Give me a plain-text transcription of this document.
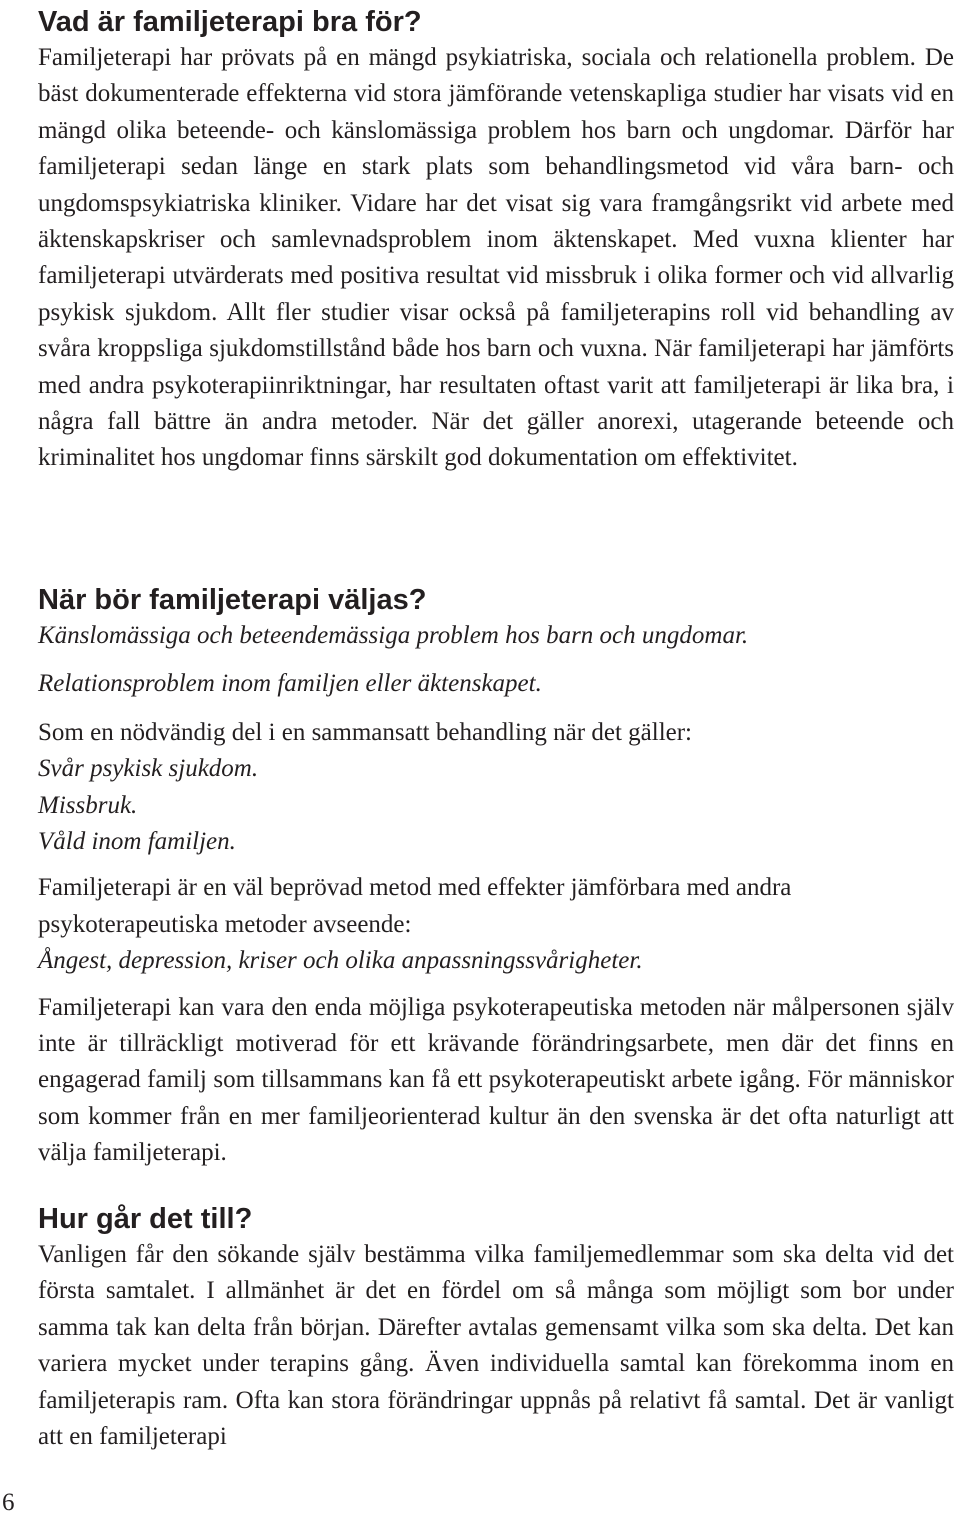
Vad är familjeterapi bra för?

Familjeterapi har prövats på en mängd psykiatriska, sociala och relationella problem. De bäst dokumenterade effekterna vid stora jämförande vetenskapliga studier har visats vid en mängd olika beteende- och känslomässiga problem hos barn och ungdomar. Därför har familjeterapi sedan länge en stark plats som behandlingsmetod vid våra barn- och ungdomspsykiatriska kliniker. Vidare har det visat sig vara framgångsrikt vid arbete med äktenskapskriser och samlevnadsproblem inom äktenskapet. Med vuxna klienter har familjeterapi utvärderats med positiva resultat vid missbruk i olika former och vid allvarlig psykisk sjukdom. Allt fler studier visar också på familjeterapins roll vid behandling av svåra kroppsliga sjukdomstillstånd både hos barn och vuxna. När familjeterapi har jämförts med andra psykoterapiinriktningar, har resultaten oftast varit att familjeterapi är lika bra, i några fall bättre än andra metoder. När det gäller anorexi, utagerande beteende och kriminalitet hos ungdomar finns särskilt god dokumentation om effektivitet.

När bör familjeterapi väljas?

Känslomässiga och beteendemässiga problem hos barn och ungdomar.

Relationsproblem inom familjen eller äktenskapet.

Som en nödvändig del i en sammansatt behandling när det gäller:

Svår psykisk sjukdom.

Missbruk.

Våld inom familjen.

Familjeterapi är en väl beprövad metod med effekter jämförbara med andra psykoterapeutiska metoder avseende:

Ångest, depression, kriser och olika anpassningssvårigheter.

Familjeterapi kan vara den enda möjliga psykoterapeutiska metoden när målpersonen själv inte är tillräckligt motiverad för ett krävande förändringsarbete, men där det finns en engagerad familj som tillsammans kan få ett psykoterapeutiskt arbete igång. För människor som kommer från en mer familjeorienterad kultur än den svenska är det ofta naturligt att välja familjeterapi.

Hur går det till?

Vanligen får den sökande själv bestämma vilka familjemedlemmar som ska delta vid det första samtalet. I allmänhet är det en fördel om så många som möjligt som bor under samma tak kan delta från början. Därefter avtalas gemensamt vilka som ska delta. Det kan variera mycket under terapins gång. Även individuella samtal kan förekomma inom en familjeterapis ram. Ofta kan stora förändringar uppnås på relativt få samtal. Det är vanligt att en familjeterapi

6
